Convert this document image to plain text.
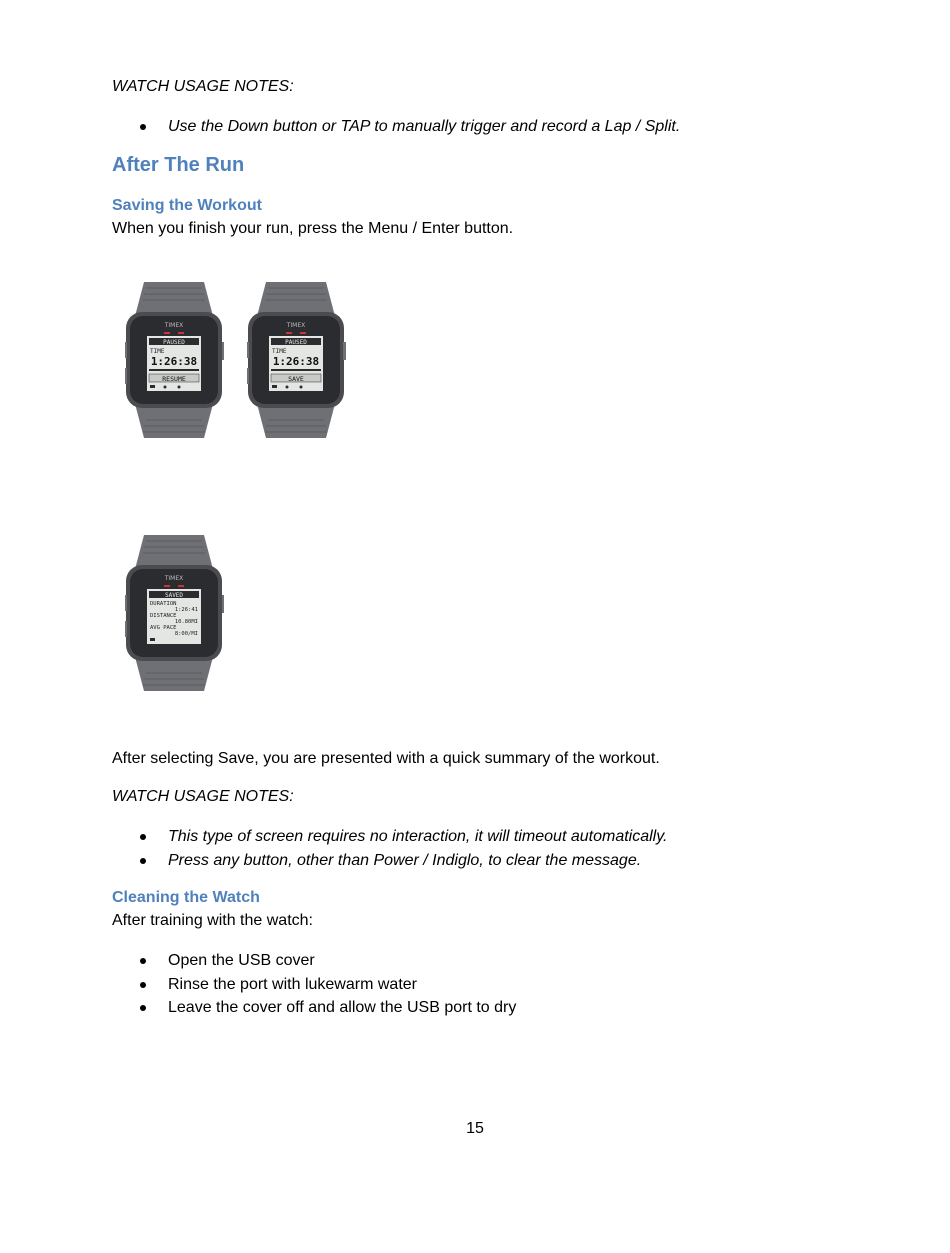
WATCH USAGE NOTES:
Use the Down button or TAP to manually trigger and record a Lap / Split.
After The Run
Saving the Workout
When you finish your run, press the Menu / Enter button.
TIMEX
PAUSED
TIME
1:26:38
RESUME
TIMEX
PAUSED
TIME
1:26:38
SAVE
TIMEX
SAVED
DURATION
1:26:41
DISTANCE
10.80MI
AVG PACE
8:00/MI
After selecting Save, you are presented with a quick summary of the workout.
WATCH USAGE NOTES:
This type of screen requires no interaction, it will timeout automatically.
Press any button, other than Power / Indiglo, to clear the message.
Cleaning the Watch
After training with the watch:
Open the USB cover
Rinse the port with lukewarm water
Leave the cover off and allow the USB port to dry
15
